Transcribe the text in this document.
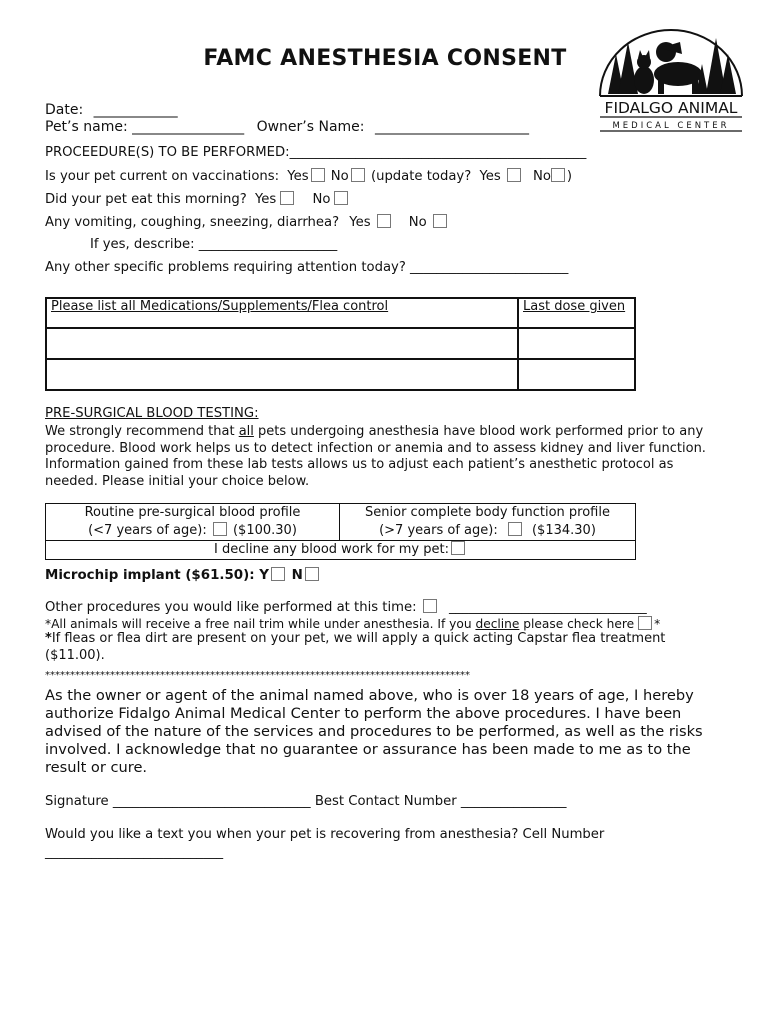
FAMC ANESTHESIA CONSENT
FIDALGO ANIMAL
MEDICAL CENTER
Date: ____________
Pet’s name: ________________ Owner’s Name: ______________________
PROCEEDURE(S) TO BE PERFORMED:_____________________________________________
Is your pet current on vaccinations: Yes No (update today? Yes No )
Did your pet eat this morning? Yes	No
Any vomiting, coughing, sneezing, diarrhea? Yes	No
If yes, describe: _____________________
Any other specific problems requiring attention today? ________________________
Please list all Medications/Supplements/Flea control	Last dose given

PRE-SURGICAL BLOOD TESTING:
We strongly recommend that all pets undergoing anesthesia have blood work performed prior to any procedure. Blood work helps us to detect infection or anemia and to assess kidney and liver function. Information gained from these lab tests allows us to adjust each patient’s anesthetic protocol as needed. Please initial your choice below.
Routine pre-surgical blood profile
(<7 years of age): ($100.30)

Senior complete body function profile
(>7 years of age):	($134.30)

I decline any blood work for my pet:
Microchip implant ($61.50): Y N
Other procedures you would like performed at this time: ______________________________
*All animals will receive a free nail trim while under anesthesia. If you decline please check here *
*If fleas or flea dirt are present on your pet, we will apply a quick acting Capstar flea treatment ($11.00).
*************************************************************************************
As the owner or agent of the animal named above, who is over 18 years of age, I hereby authorize Fidalgo Animal Medical Center to perform the above procedures. I have been advised of the nature of the services and procedures to be performed, as well as the risks involved. I acknowledge that no guarantee or assurance has been made to me as to the result or cure.
Signature ______________________________ Best Contact Number ________________
Would you like a text you when your pet is recovering from anesthesia? Cell Number
___________________________
